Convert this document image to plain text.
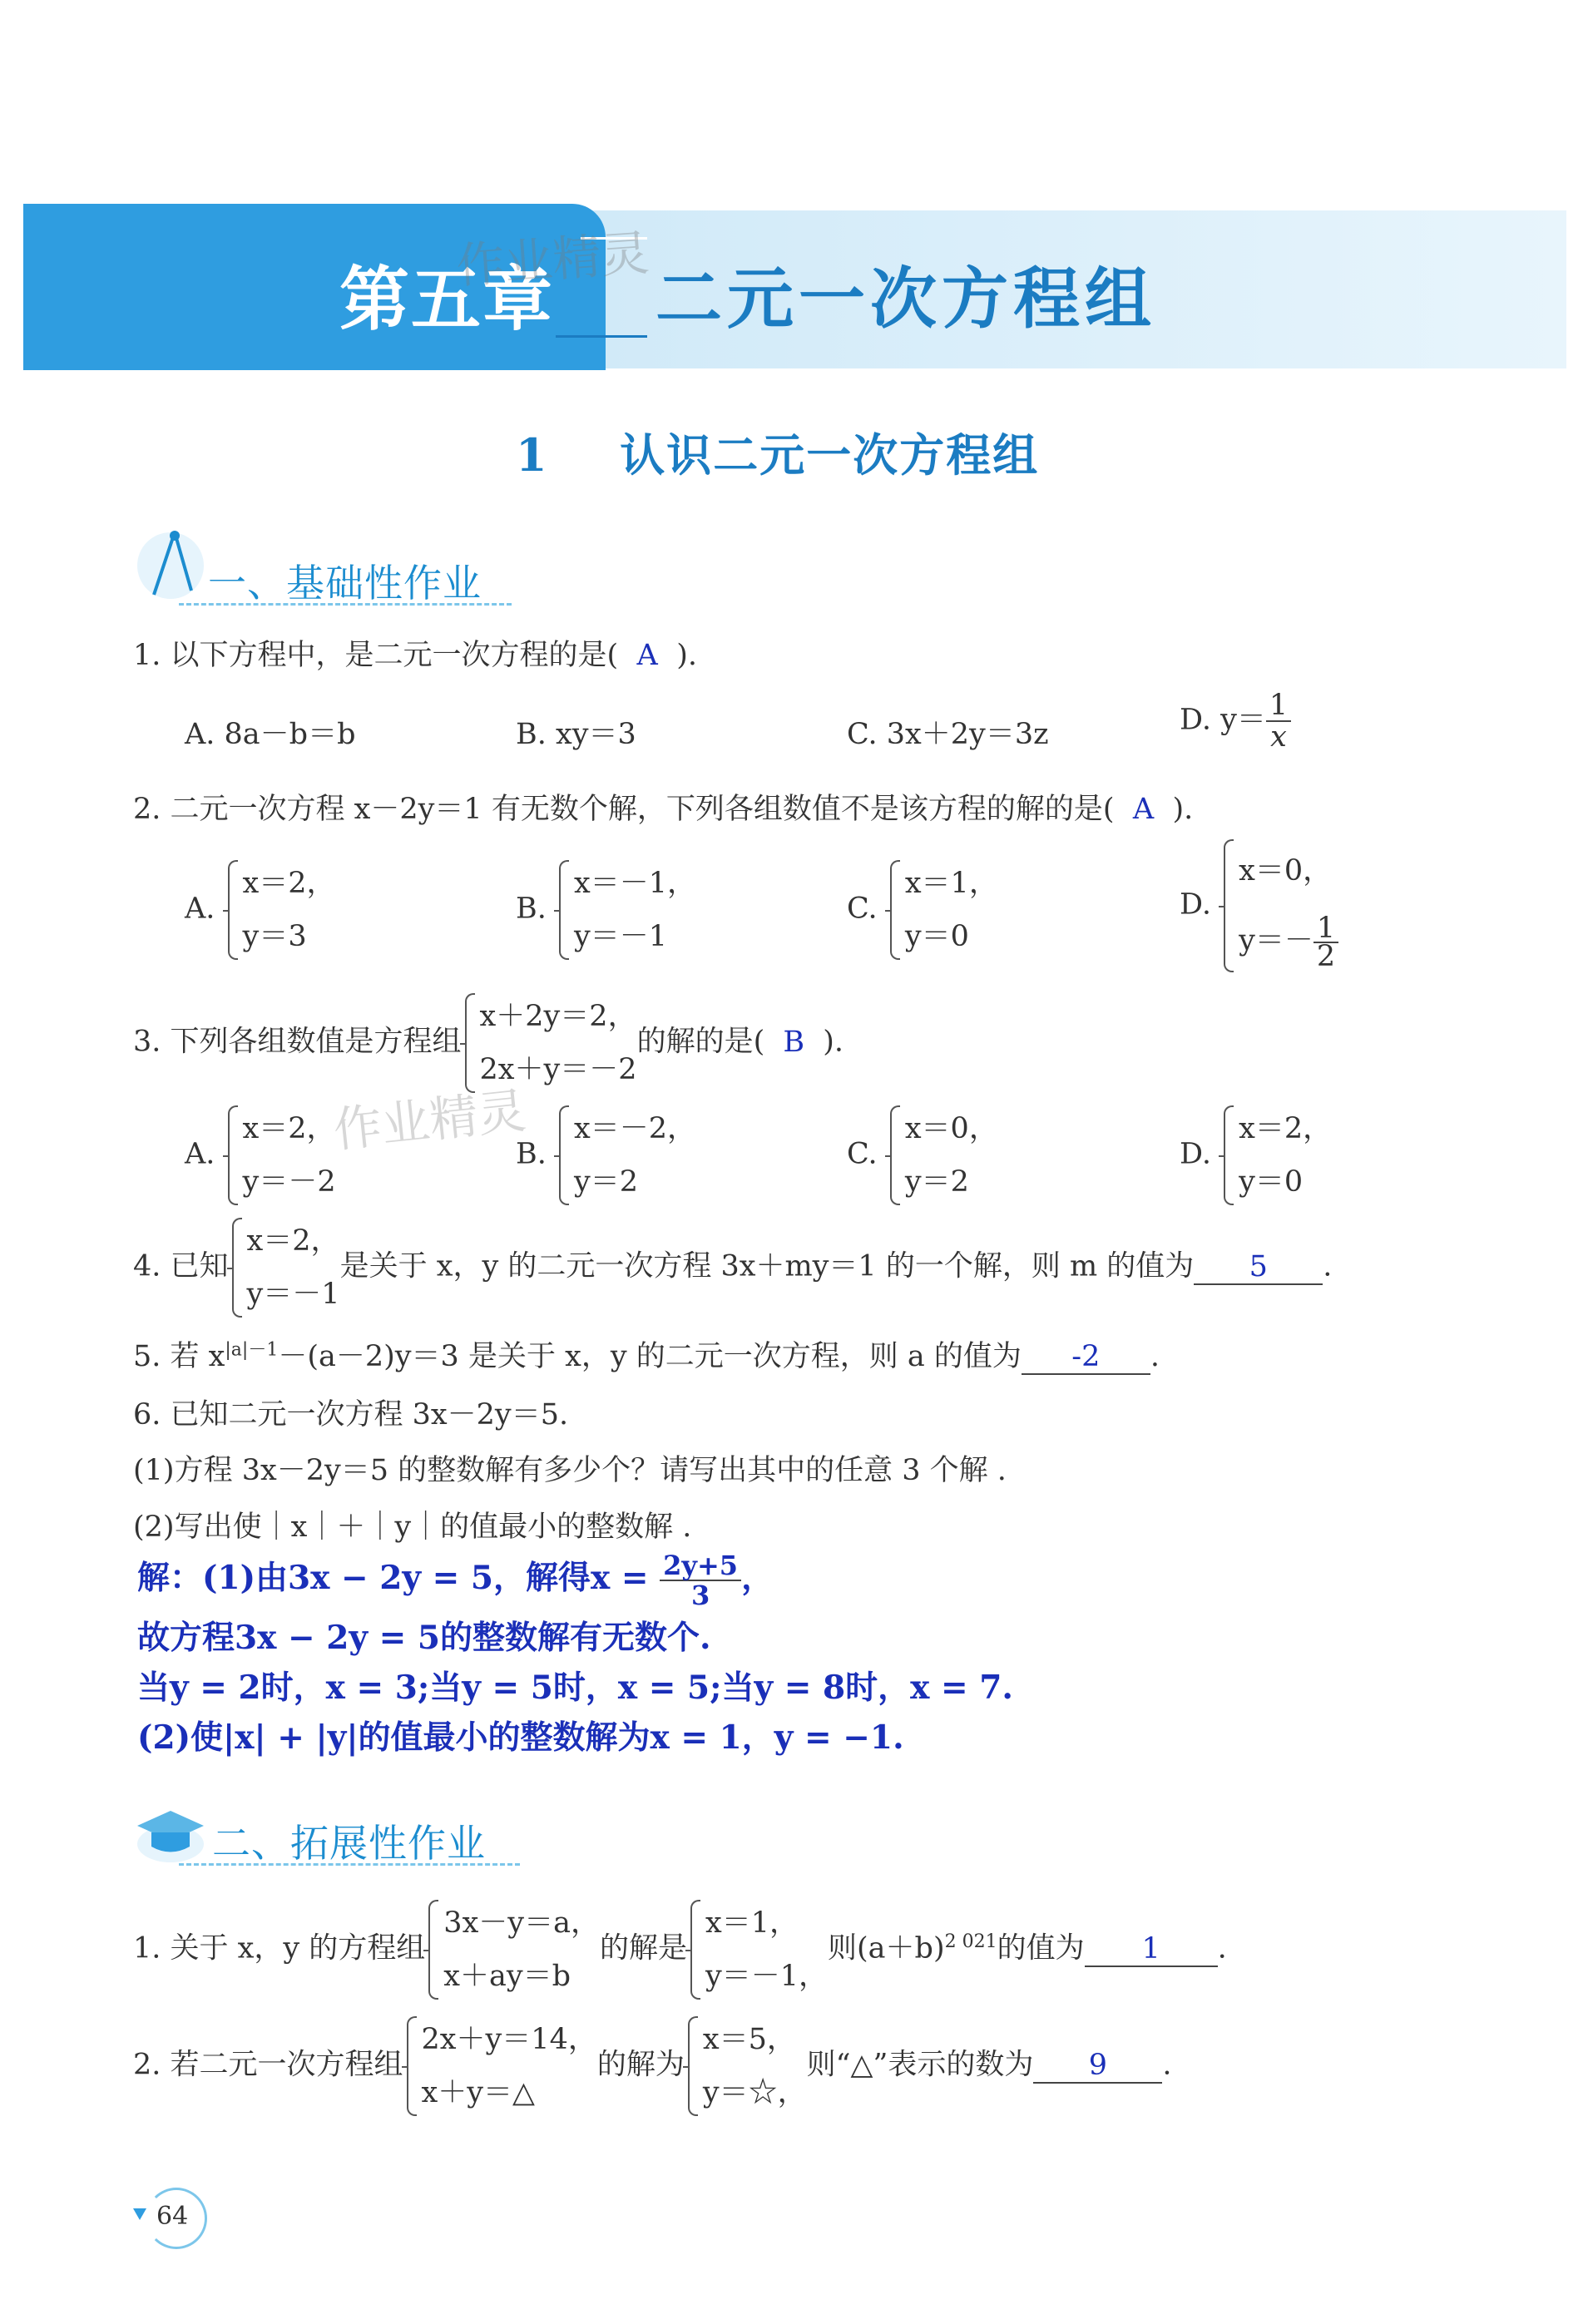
第五章 二元一次方程组
作业精灵
1 认识二元一次方程组
一、基础性作业
1. 以下方程中，是二元一次方程的是( A ).
A. 8a－b＝b	B. xy＝3	C. 3x＋2y＝3z	D. $y= \frac{1}{x}$
2. 二元一次方程 x－2y＝1 有无数个解，下列各组数值不是该方程的解的是( A ).
A.
x＝2，
y＝3
B.
x＝－1，
y＝－1
C.
x＝1，
y＝0
D.
x＝0，
$y=- \frac{1}{2}$
3. 下列各组数值是方程组
x＋2y＝2，
2x＋y＝－2
的解的是( B ).
A.
x＝2，
y＝－2
B.
x＝－2，
y＝2
C.
x＝0，
y＝2
D.
x＝2，
y＝0
作业精灵
4. 已知
x＝2，
y＝－1
是关于 x，y 的二元一次方程 3x＋my＝1 的一个解，则 m 的值为 5 .
5. 若 $x^{|a|-1}-(a-2)y=3$ 是关于 x，y 的二元一次方程，则 a 的值为 -2 .
6. 已知二元一次方程 3x－2y＝5.
(1)方程 3x－2y＝5 的整数解有多少个？请写出其中的任意 3 个解 .
(2)写出使｜x｜＋｜y｜的值最小的整数解 .
解：(1)由3x − 2y = 5，解得$x = \frac{2y+5}{3}$ ，
故方程3x − 2y = 5的整数解有无数个.
当y = 2时，x = 3;当y = 5时，x = 5;当y = 8时，x = 7.
(2)使|x| + |y|的值最小的整数解为x = 1，y = −1.
二、拓展性作业
1. 关于 x，y 的方程组
3x－y＝a，
x＋ay＝b
的解是
x＝1，
y＝－1，
则$(a+b)^{2 021}$的值为 1 .
2. 若二元一次方程组
2x＋y＝14，
x＋y＝△
的解为
x＝5，
y＝☆，
则“△”表示的数为 9 .
64
